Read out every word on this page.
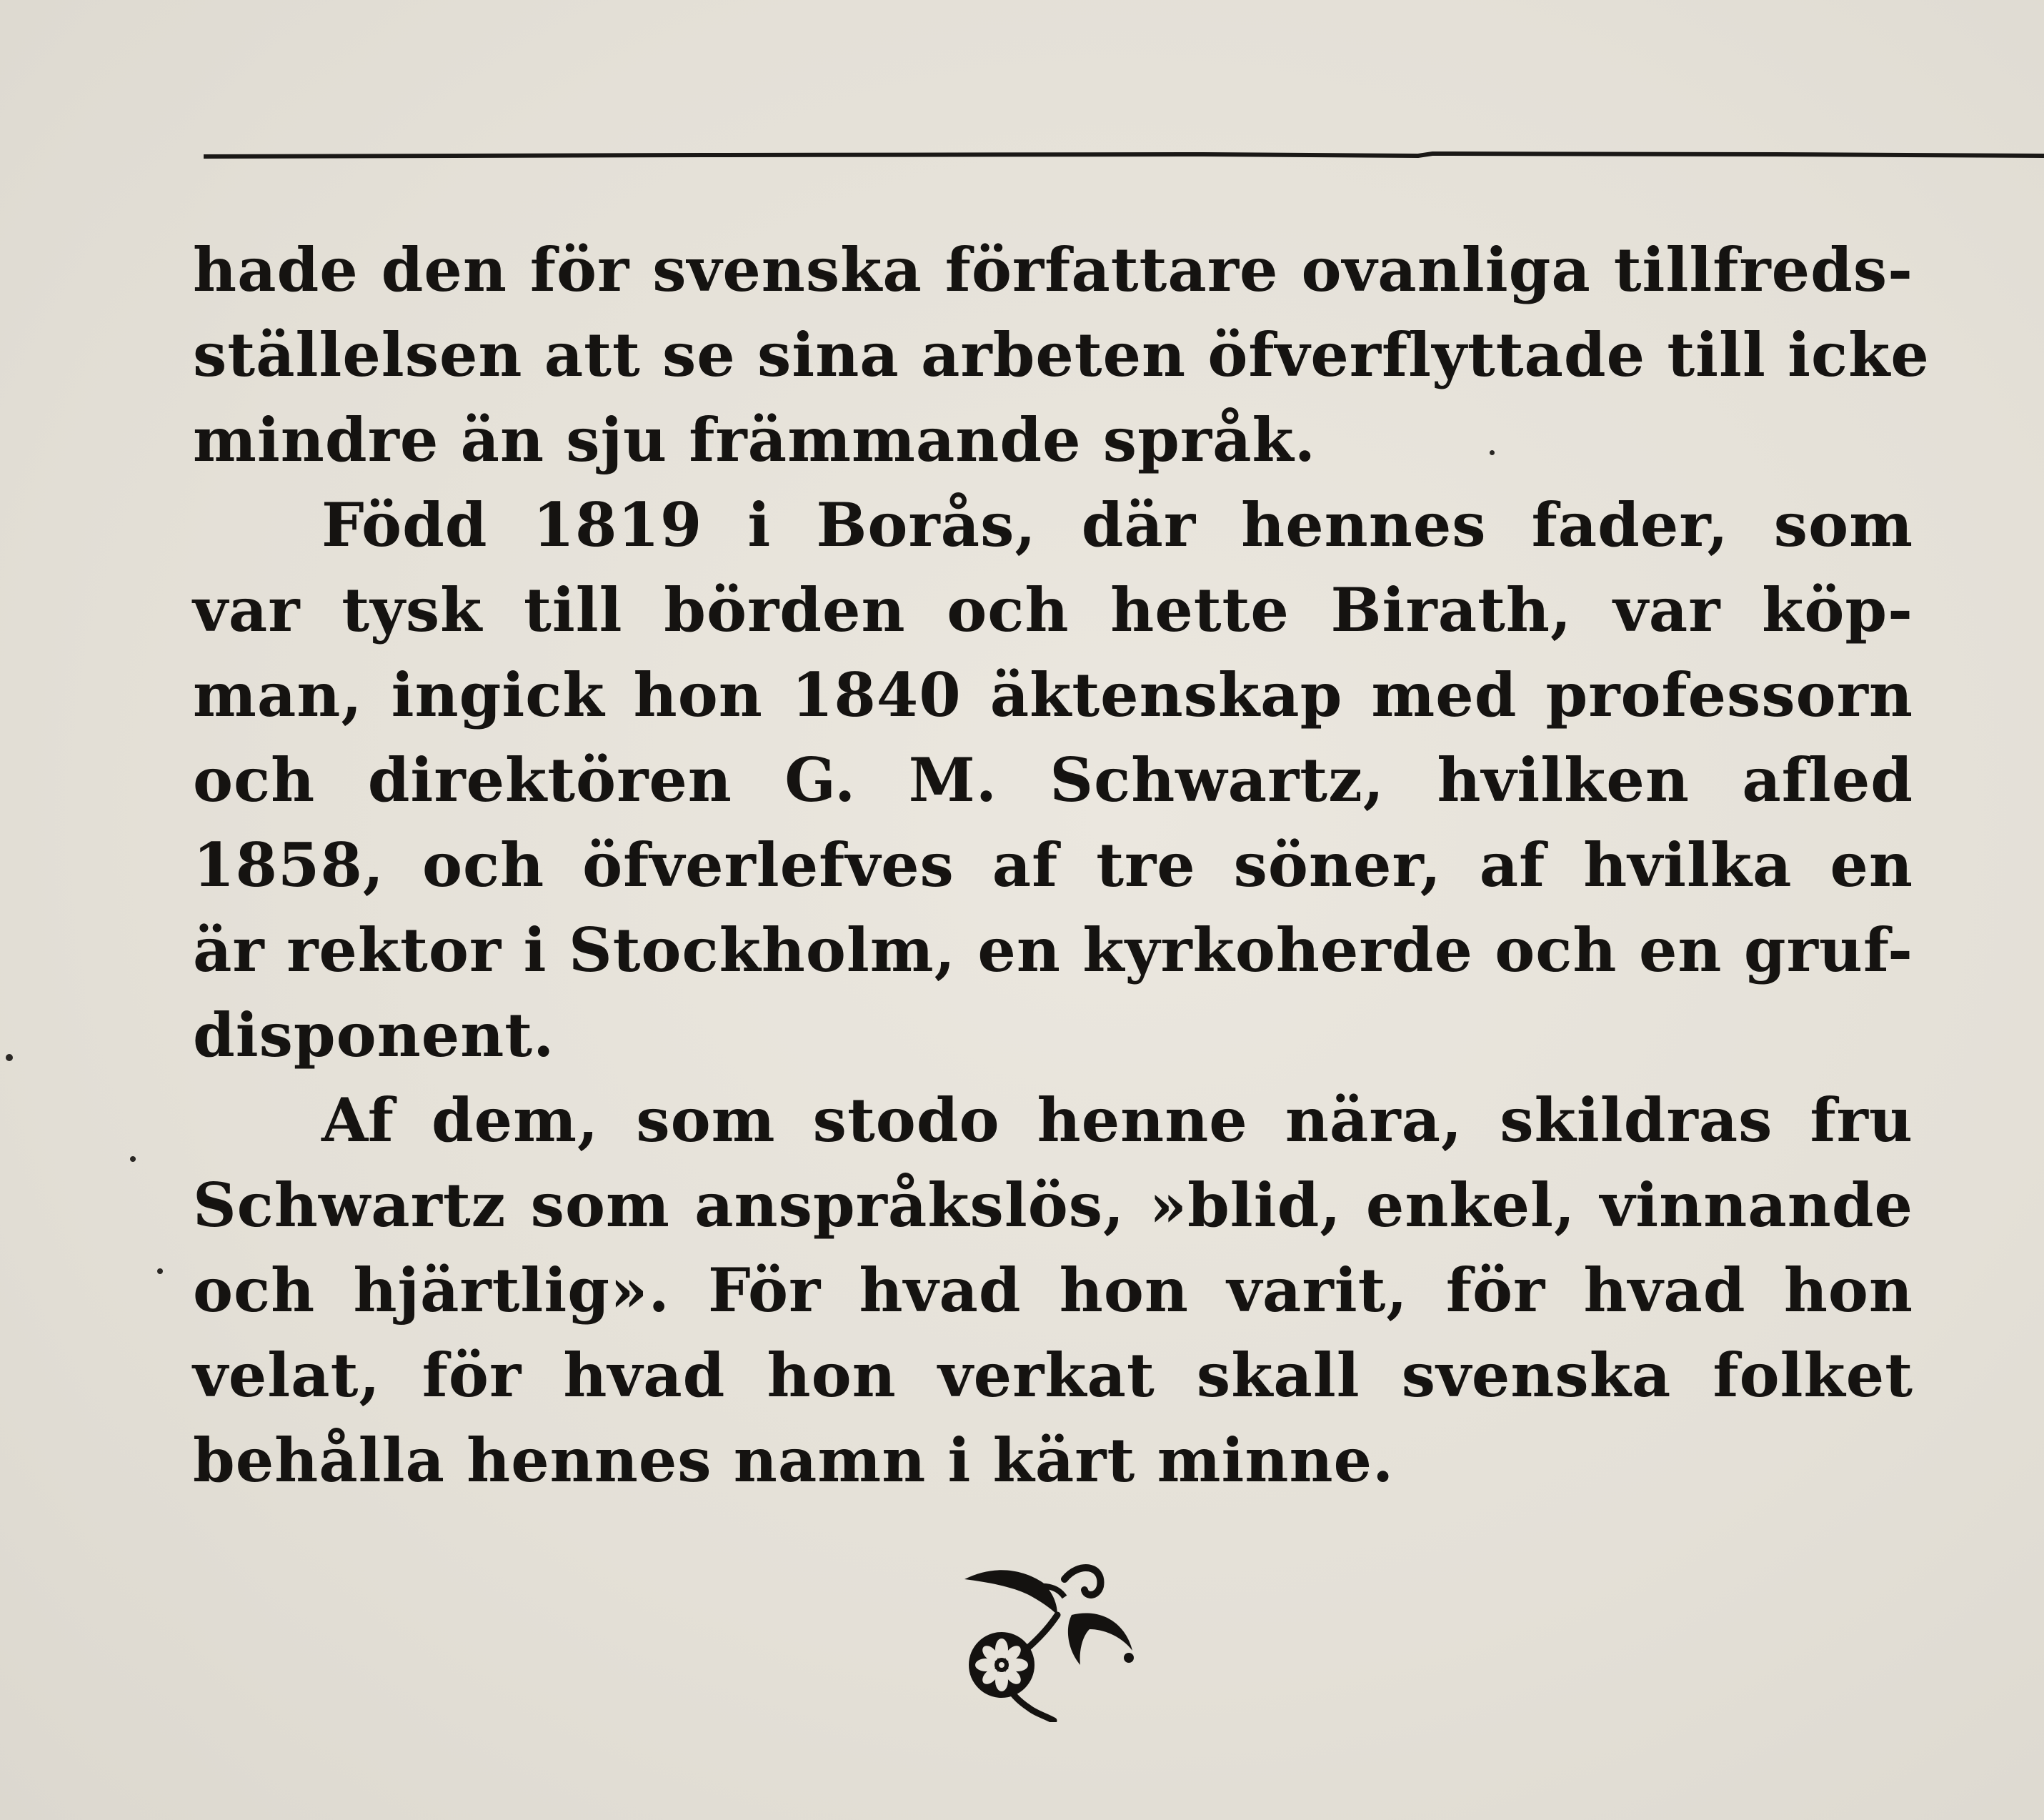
hade den för svenska författare ovanliga tillfreds-
ställelsen att se sina arbeten öfverflyttade till icke
mindre än sju främmande språk.
Född 1819 i Borås, där hennes fader, som
var tysk till börden och hette Birath, var köp-
man, ingick hon 1840 äktenskap med professorn
och direktören G. M. Schwartz, hvilken afled
1858, och öfverlefves af tre söner, af hvilka en
är rektor i Stockholm, en kyrkoherde och en gruf-
disponent.
Af dem, som stodo henne nära, skildras fru
Schwartz som anspråkslös, »blid, enkel, vinnande
och hjärtlig». För hvad hon varit, för hvad hon
velat, för hvad hon verkat skall svenska folket
behålla hennes namn i kärt minne.
